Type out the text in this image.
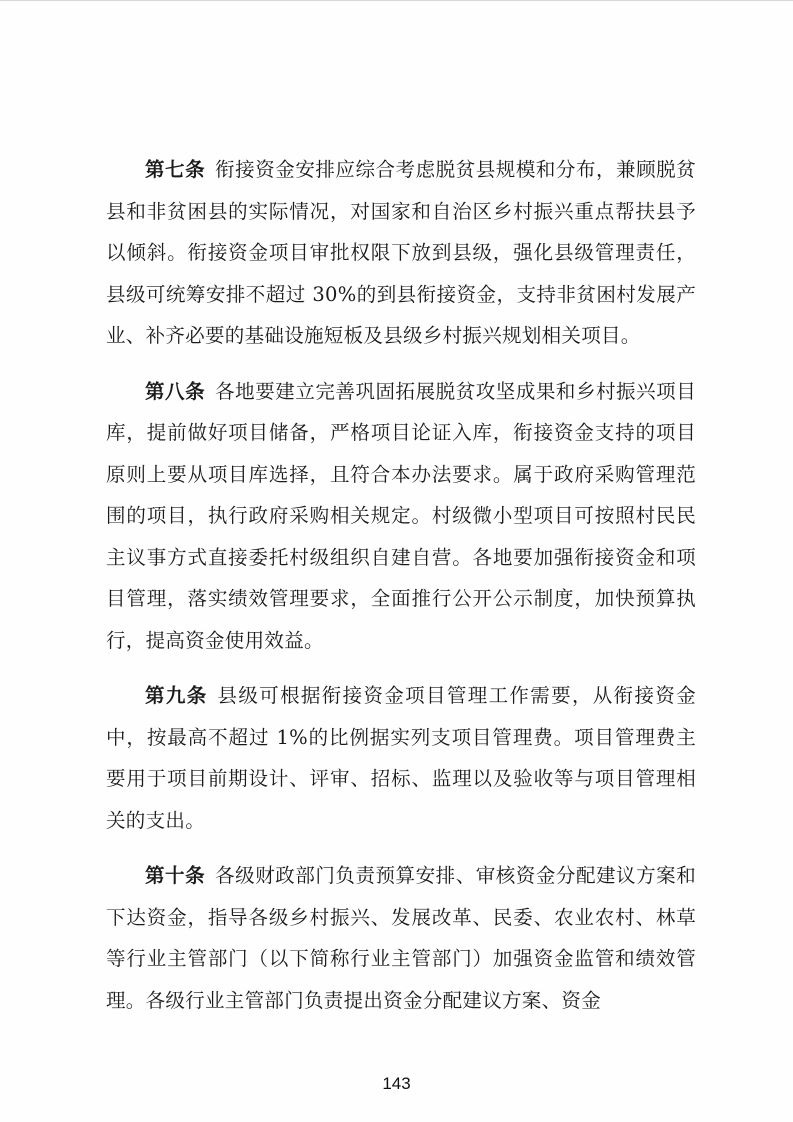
第七条 衔接资金安排应综合考虑脱贫县规模和分布，兼顾脱贫县和非贫困县的实际情况，对国家和自治区乡村振兴重点帮扶县予以倾斜。衔接资金项目审批权限下放到县级，强化县级管理责任，县级可统筹安排不超过 30%的到县衔接资金，支持非贫困村发展产业、补齐必要的基础设施短板及县级乡村振兴规划相关项目。

第八条 各地要建立完善巩固拓展脱贫攻坚成果和乡村振兴项目库，提前做好项目储备，严格项目论证入库，衔接资金支持的项目原则上要从项目库选择，且符合本办法要求。属于政府采购管理范围的项目，执行政府采购相关规定。村级微小型项目可按照村民民主议事方式直接委托村级组织自建自营。各地要加强衔接资金和项目管理，落实绩效管理要求，全面推行公开公示制度，加快预算执行，提高资金使用效益。

第九条 县级可根据衔接资金项目管理工作需要，从衔接资金中，按最高不超过 1%的比例据实列支项目管理费。项目管理费主要用于项目前期设计、评审、招标、监理以及验收等与项目管理相关的支出。

第十条 各级财政部门负责预算安排、审核资金分配建议方案和下达资金，指导各级乡村振兴、发展改革、民委、农业农村、林草等行业主管部门（以下简称行业主管部门）加强资金监管和绩效管理。各级行业主管部门负责提出资金分配建议方案、资金

143
